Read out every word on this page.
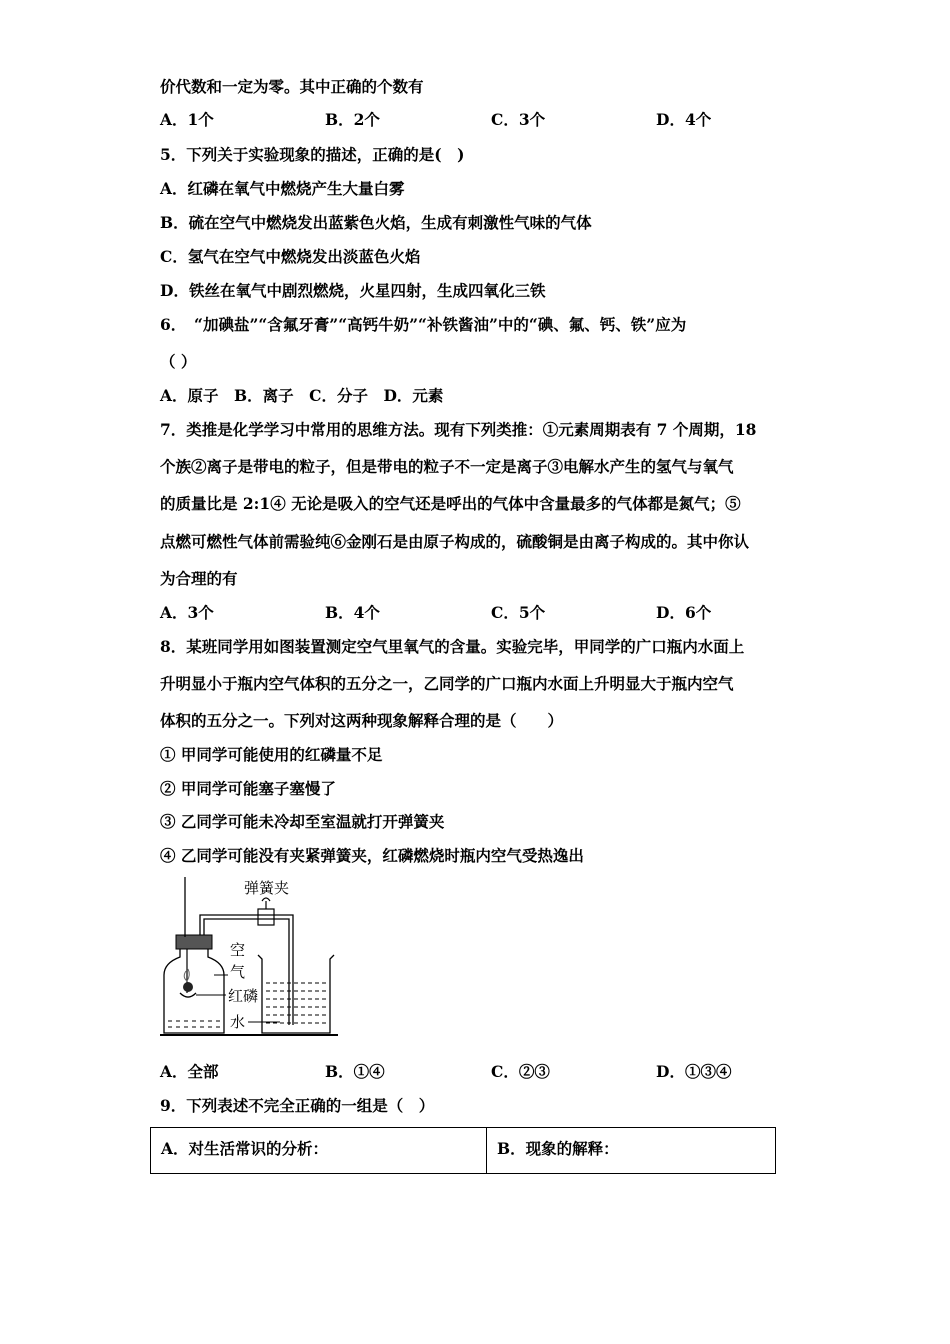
价代数和一定为零。其中正确的个数有
A．1个	B．2个	C．3个	D．4个
5．下列关于实验现象的描述，正确的是(　)
A．红磷在氧气中燃烧产生大量白雾
B．硫在空气中燃烧发出蓝紫色火焰，生成有刺激性气味的气体
C．氢气在空气中燃烧发出淡蓝色火焰
D．铁丝在氧气中剧烈燃烧，火星四射，生成四氧化三铁
6．　“加碘盐”“含氟牙膏”“高钙牛奶”“补铁酱油”中的“碘、氟、钙、铁”应为
（ ）
A．原子　B．离子　C．分子　D．元素
7．类推是化学学习中常用的思维方法。现有下列类推：①元素周期表有 7 个周期，18
个族②离子是带电的粒子，但是带电的粒子不一定是离子③电解水产生的氢气与氧气
的质量比是 2:1④ 无论是吸入的空气还是呼出的气体中含量最多的气体都是氮气；⑤
点燃可燃性气体前需验纯⑥金刚石是由原子构成的，硫酸铜是由离子构成的。其中你认
为合理的有
A．3个	B．4个	C．5个	D．6个
8．某班同学用如图装置测定空气里氧气的含量。实验完毕，甲同学的广口瓶内水面上
升明显小于瓶内空气体积的五分之一，乙同学的广口瓶内水面上升明显大于瓶内空气
体积的五分之一。下列对这两种现象解释合理的是（　　）
① 甲同学可能使用的红磷量不足
② 甲同学可能塞子塞慢了
③ 乙同学可能未冷却至室温就打开弹簧夹
④ 乙同学可能没有夹紧弹簧夹，红磷燃烧时瓶内空气受热逸出
弹簧夹
空
气
红磷
水
A．全部	B．①④	C．②③	D．①③④
9．下列表述不完全正确的一组是（　）
A．对生活常识的分析：	B．现象的解释：
